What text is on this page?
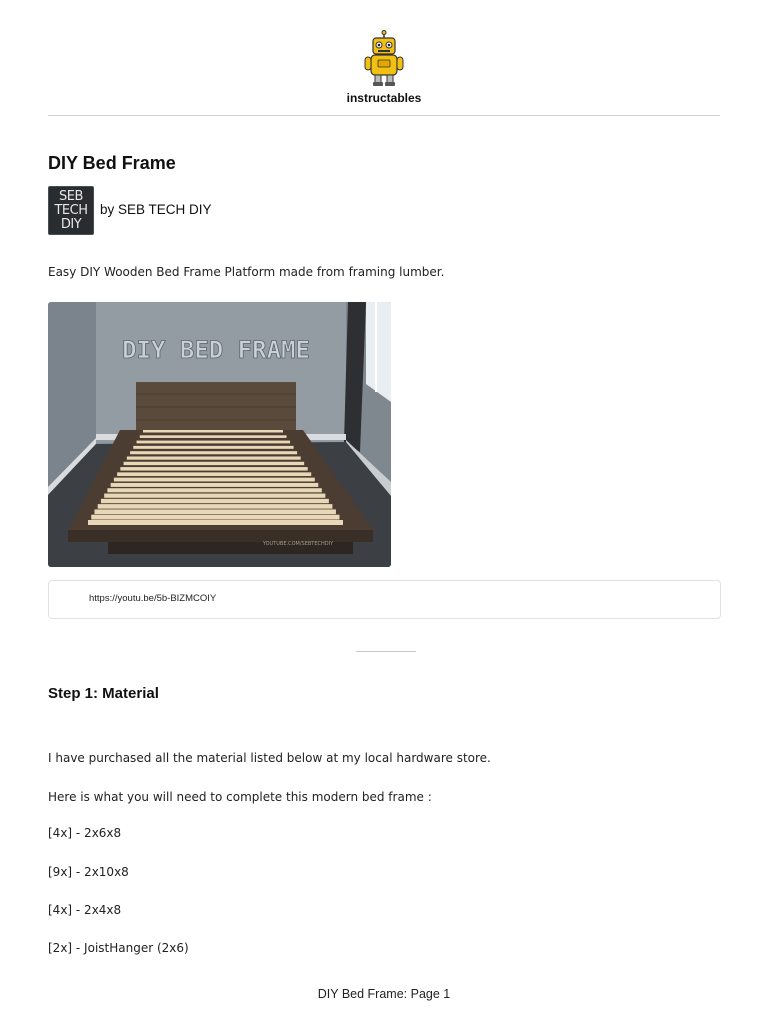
instructables
DIY Bed Frame
SEB
TECH
DIY
by SEB TECH DIY
Easy DIY Wooden Bed Frame Platform made from framing lumber.
DIY BED FRAME
YOUTUBE.COM/SEBTECHDIY
https://youtu.be/5b-BIZMCOIY
Step 1: Material
I have purchased all the material listed below at my local hardware store.
Here is what you will need to complete this modern bed frame :
[4x] - 2x6x8
[9x] - 2x10x8
[4x] - 2x4x8
[2x] - JoistHanger (2x6)
DIY Bed Frame: Page 1
